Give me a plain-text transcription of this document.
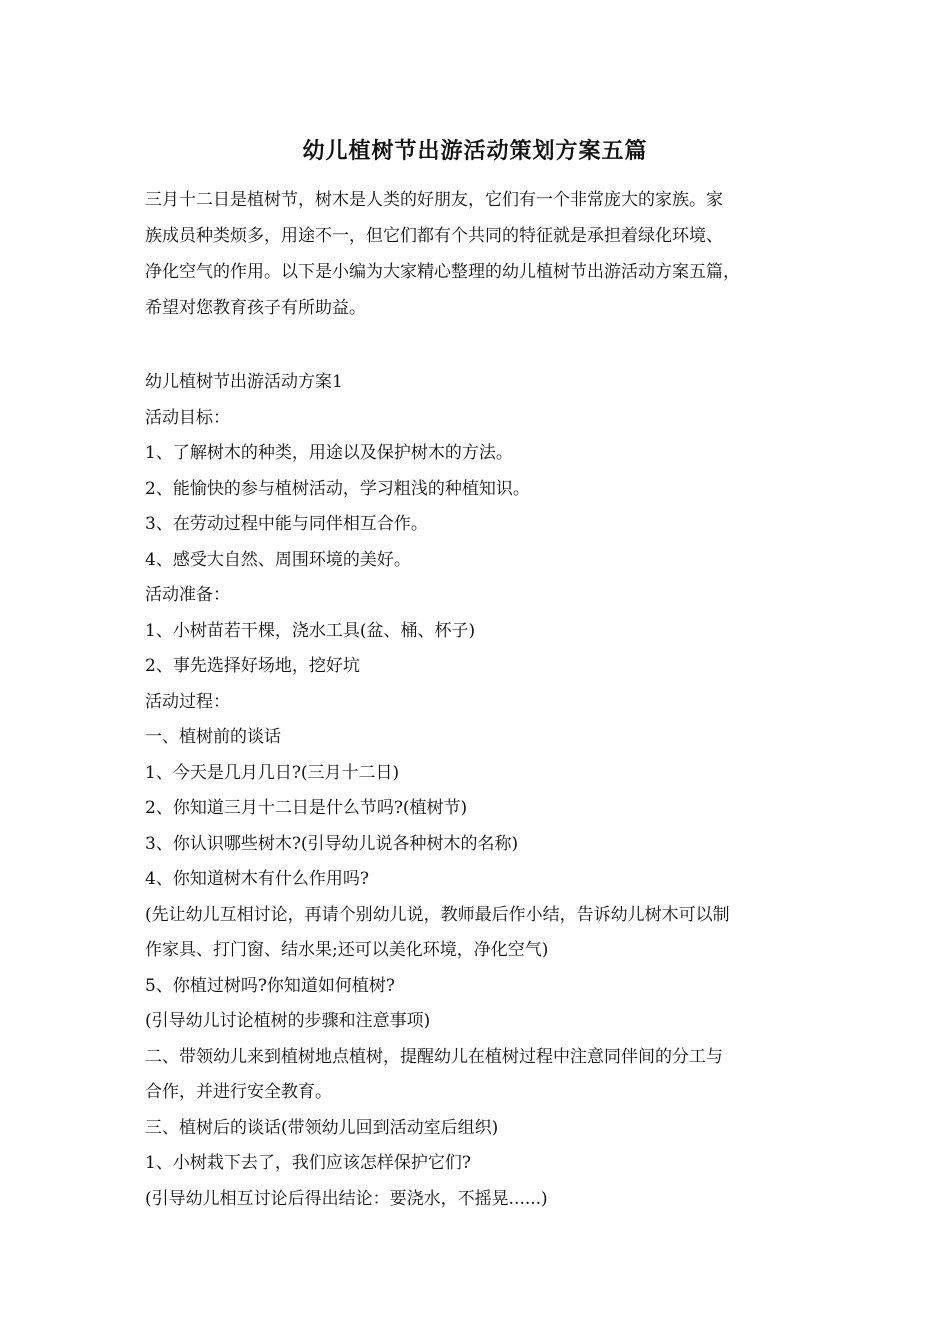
幼儿植树节出游活动策划方案五篇

三月十二日是植树节，树木是人类的好朋友，它们有一个非常庞大的家族。家

族成员种类烦多，用途不一，但它们都有个共同的特征就是承担着绿化环境、

净化空气的作用。以下是小编为大家精心整理的幼儿植树节出游活动方案五篇，

希望对您教育孩子有所助益。

幼儿植树节出游活动方案1

活动目标：

1、了解树木的种类，用途以及保护树木的方法。

2、能愉快的参与植树活动，学习粗浅的种植知识。

3、在劳动过程中能与同伴相互合作。

4、感受大自然、周围环境的美好。

活动准备：

1、小树苗若干棵，浇水工具(盆、桶、杯子)

2、事先选择好场地，挖好坑

活动过程：

一、植树前的谈话

1、今天是几月几日?(三月十二日)

2、你知道三月十二日是什么节吗?(植树节)

3、你认识哪些树木?(引导幼儿说各种树木的名称)

4、你知道树木有什么作用吗?

(先让幼儿互相讨论，再请个别幼儿说，教师最后作小结，告诉幼儿树木可以制

作家具、打门窗、结水果;还可以美化环境，净化空气)

5、你植过树吗?你知道如何植树?

(引导幼儿讨论植树的步骤和注意事项)

二、带领幼儿来到植树地点植树，提醒幼儿在植树过程中注意同伴间的分工与

合作，并进行安全教育。

三、植树后的谈话(带领幼儿回到活动室后组织)

1、小树栽下去了，我们应该怎样保护它们?

(引导幼儿相互讨论后得出结论：要浇水，不摇晃......)
